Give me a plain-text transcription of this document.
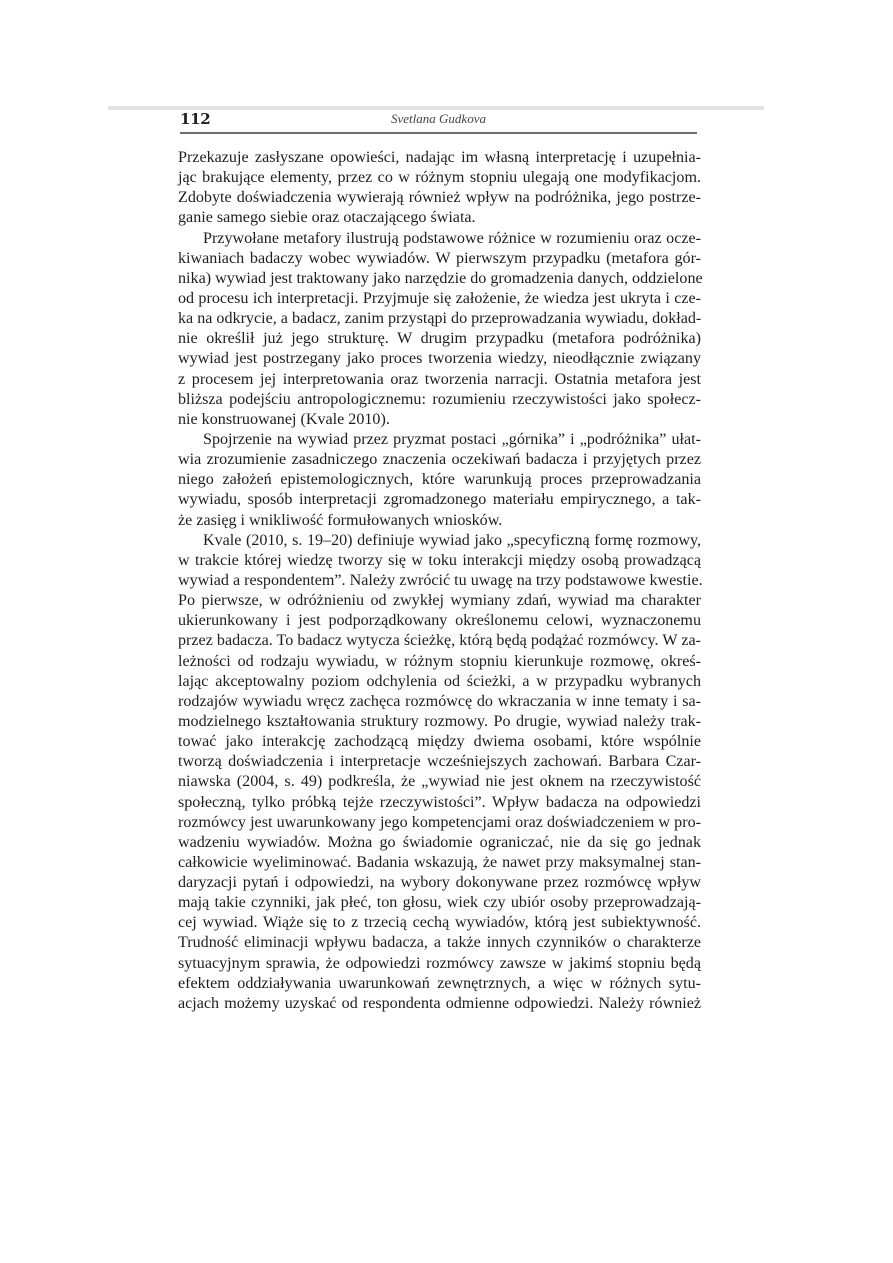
112	Svetlana Gudkova
Przekazuje zasłyszane opowieści, nadając im własną interpretację i uzupełnia-
jąc brakujące elementy, przez co w różnym stopniu ulegają one modyfikacjom.
Zdobyte doświadczenia wywierają również wpływ na podróżnika, jego postrze-
ganie samego siebie oraz otaczającego świata.
Przywołane metafory ilustrują podstawowe różnice w rozumieniu oraz ocze-
kiwaniach badaczy wobec wywiadów. W pierwszym przypadku (metafora gór-
nika) wywiad jest traktowany jako narzędzie do gromadzenia danych, oddzielone
od procesu ich interpretacji. Przyjmuje się założenie, że wiedza jest ukryta i cze-
ka na odkrycie, a badacz, zanim przystąpi do przeprowadzania wywiadu, dokład-
nie określił już jego strukturę. W drugim przypadku (metafora podróżnika)
wywiad jest postrzegany jako proces tworzenia wiedzy, nieodłącznie związany
z procesem jej interpretowania oraz tworzenia narracji. Ostatnia metafora jest
bliższa podejściu antropologicznemu: rozumieniu rzeczywistości jako społecz-
nie konstruowanej (Kvale 2010).
Spojrzenie na wywiad przez pryzmat postaci „górnika” i „podróżnika” ułat-
wia zrozumienie zasadniczego znaczenia oczekiwań badacza i przyjętych przez
niego założeń epistemologicznych, które warunkują proces przeprowadzania
wywiadu, sposób interpretacji zgromadzonego materiału empirycznego, a tak-
że zasięg i wnikliwość formułowanych wniosków.
Kvale (2010, s. 19–20) definiuje wywiad jako „specyficzną formę rozmowy,
w trakcie której wiedzę tworzy się w toku interakcji między osobą prowadzącą
wywiad a respondentem”. Należy zwrócić tu uwagę na trzy podstawowe kwestie.
Po pierwsze, w odróżnieniu od zwykłej wymiany zdań, wywiad ma charakter
ukierunkowany i jest podporządkowany określonemu celowi, wyznaczonemu
przez badacza. To badacz wytycza ścieżkę, którą będą podążać rozmówcy. W za-
leżności od rodzaju wywiadu, w różnym stopniu kierunkuje rozmowę, okreś-
lając akceptowalny poziom odchylenia od ścieżki, a w przypadku wybranych
rodzajów wywiadu wręcz zachęca rozmówcę do wkraczania w inne tematy i sa-
modzielnego kształtowania struktury rozmowy. Po drugie, wywiad należy trak-
tować jako interakcję zachodzącą między dwiema osobami, które wspólnie
tworzą doświadczenia i interpretacje wcześniejszych zachowań. Barbara Czar-
niawska (2004, s. 49) podkreśla, że „wywiad nie jest oknem na rzeczywistość
społeczną, tylko próbką tejże rzeczywistości”. Wpływ badacza na odpowiedzi
rozmówcy jest uwarunkowany jego kompetencjami oraz doświadczeniem w pro-
wadzeniu wywiadów. Można go świadomie ograniczać, nie da się go jednak
całkowicie wyeliminować. Badania wskazują, że nawet przy maksymalnej stan-
daryzacji pytań i odpowiedzi, na wybory dokonywane przez rozmówcę wpływ
mają takie czynniki, jak płeć, ton głosu, wiek czy ubiór osoby przeprowadzają-
cej wywiad. Wiąże się to z trzecią cechą wywiadów, którą jest subiektywność.
Trudność eliminacji wpływu badacza, a także innych czynników o charakterze
sytuacyjnym sprawia, że odpowiedzi rozmówcy zawsze w jakimś stopniu będą
efektem oddziaływania uwarunkowań zewnętrznych, a więc w różnych sytu-
acjach możemy uzyskać od respondenta odmienne odpowiedzi. Należy również
